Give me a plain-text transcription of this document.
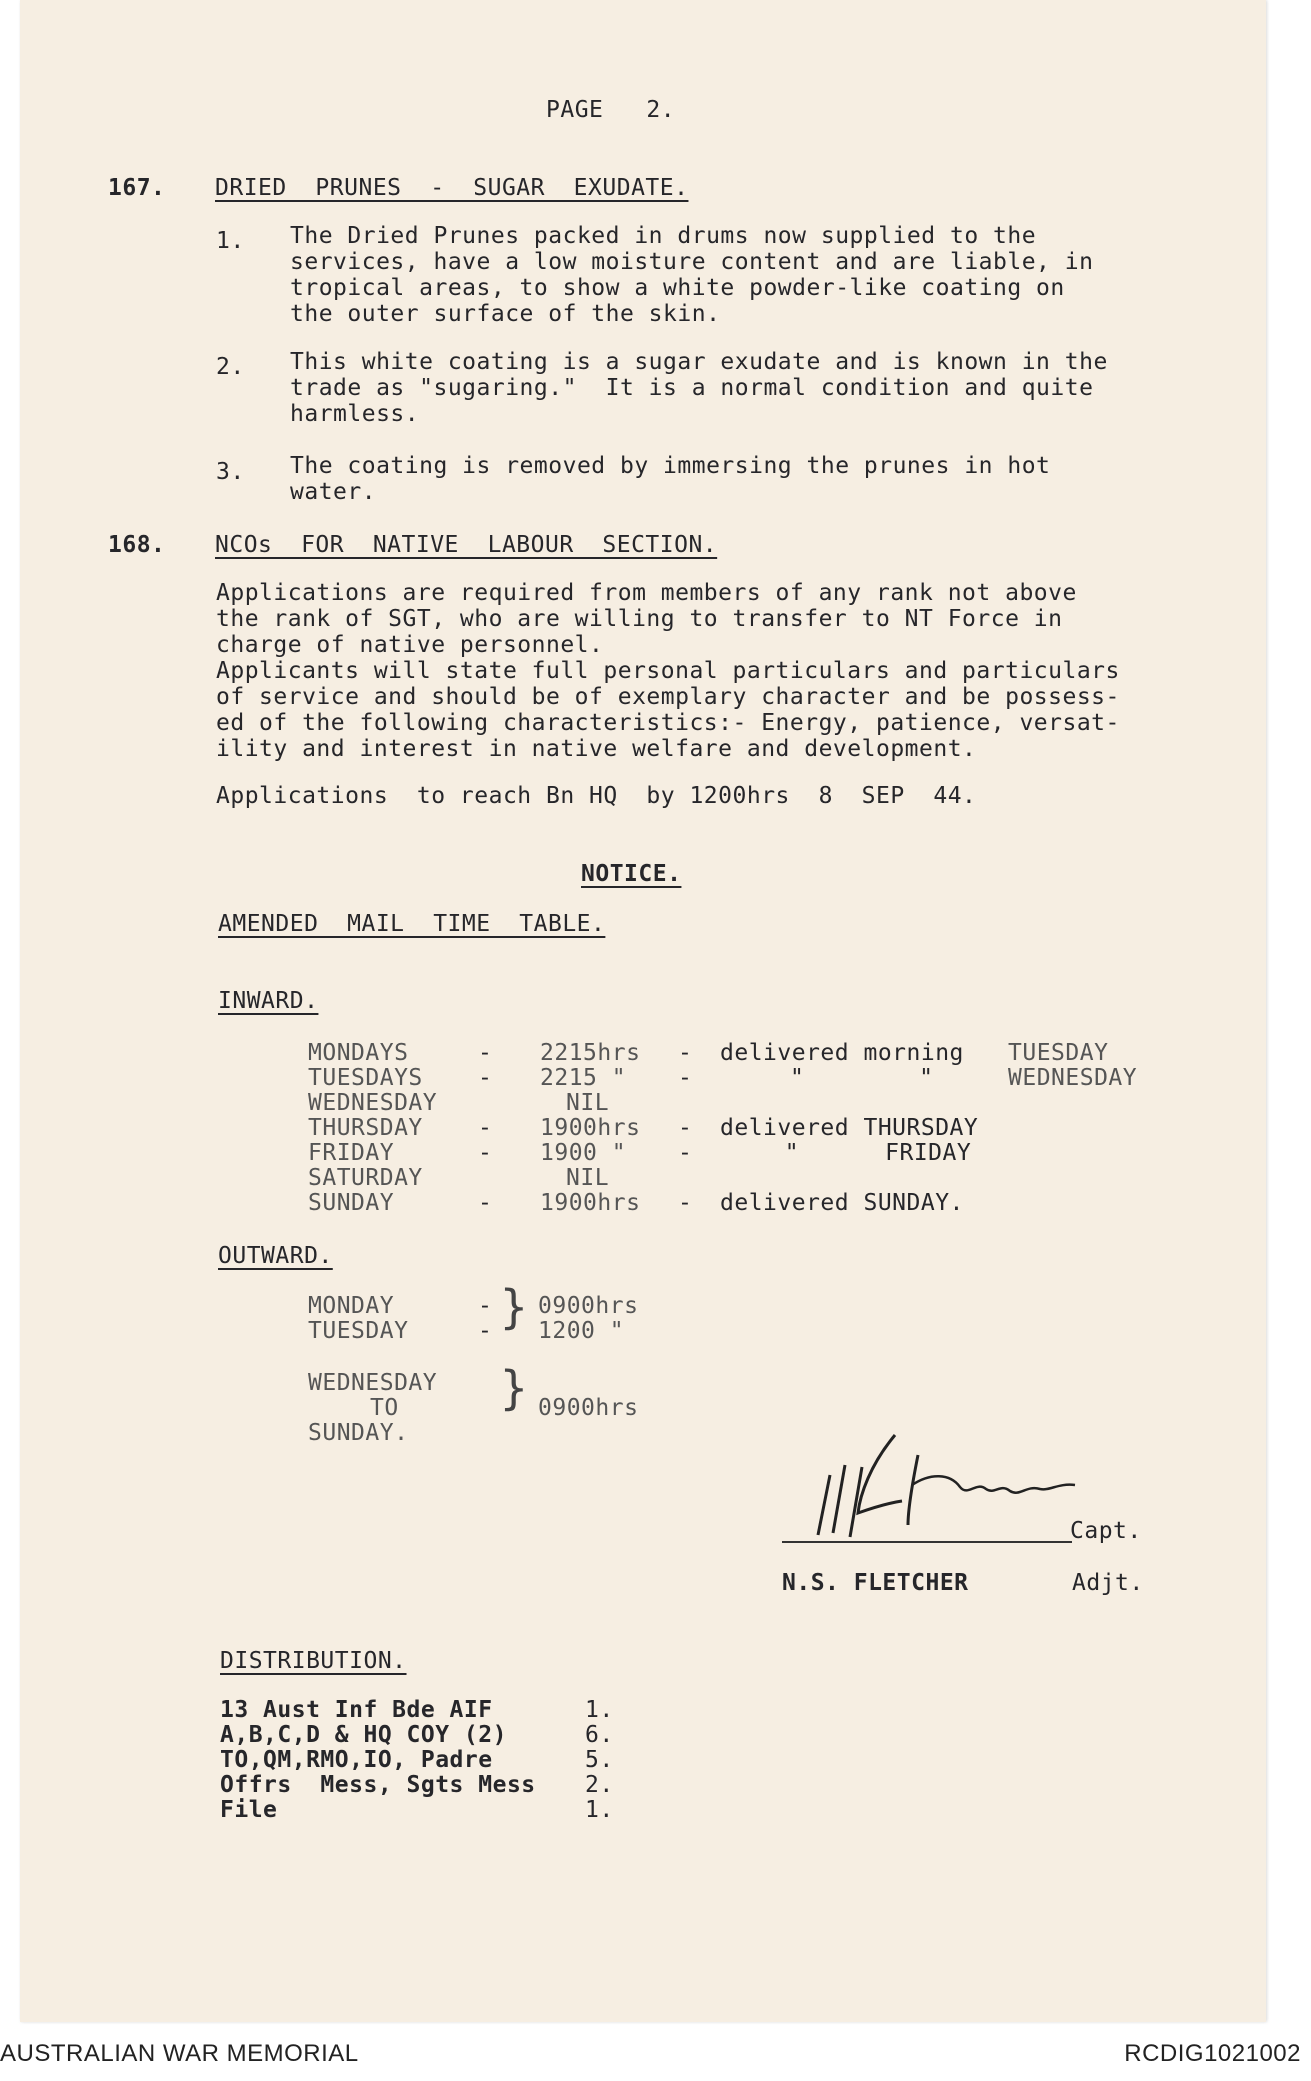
PAGE   2.
167. DRIED  PRUNES  -  SUGAR  EXUDATE.
1. The Dried Prunes packed in drums now supplied to the
services, have a low moisture content and are liable, in
tropical areas, to show a white powder-like coating on
the outer surface of the skin.
2. This white coating is a sugar exudate and is known in the
trade as "sugaring."  It is a normal condition and quite
harmless.
3. The coating is removed by immersing the prunes in hot
water.
168. NCOs  FOR  NATIVE  LABOUR  SECTION.
Applications are required from members of any rank not above
the rank of SGT, who are willing to transfer to NT Force in
charge of native personnel.
Applicants will state full personal particulars and particulars
of service and should be of exemplary character and be possess-
ed of the following characteristics:- Energy, patience, versat-
ility and interest in native welfare and development.
Applications  to reach Bn HQ  by 1200hrs  8  SEP  44.
NOTICE.
AMENDED  MAIL  TIME  TABLE.
INWARD.
MONDAYS	- 2215hrs - delivered morning TUESDAY
TUESDAYS - 2215 " -	"        "	WEDNESDAY
WEDNESDAY	NIL
THURSDAY - 1900hrs - delivered THURSDAY
FRIDAY	- 1900 " -	"      FRIDAY
SATURDAY	NIL
SUNDAY	- 1900hrs - delivered SUNDAY.
OUTWARD.
MONDAY	- 0900hrs
TUESDAY	- 1200 "
}
WEDNESDAY
TO
SUNDAY.
} 0900hrs
Capt.
N.S. FLETCHER	Adjt.
DISTRIBUTION.
13 Aust Inf Bde AIF	1.
A,B,C,D & HQ COY (2)	6.
TO,QM,RMO,IO, Padre	5.
Offrs  Mess, Sgts Mess 2.
File	1.
AUSTRALIAN WAR MEMORIAL	RCDIG1021002
